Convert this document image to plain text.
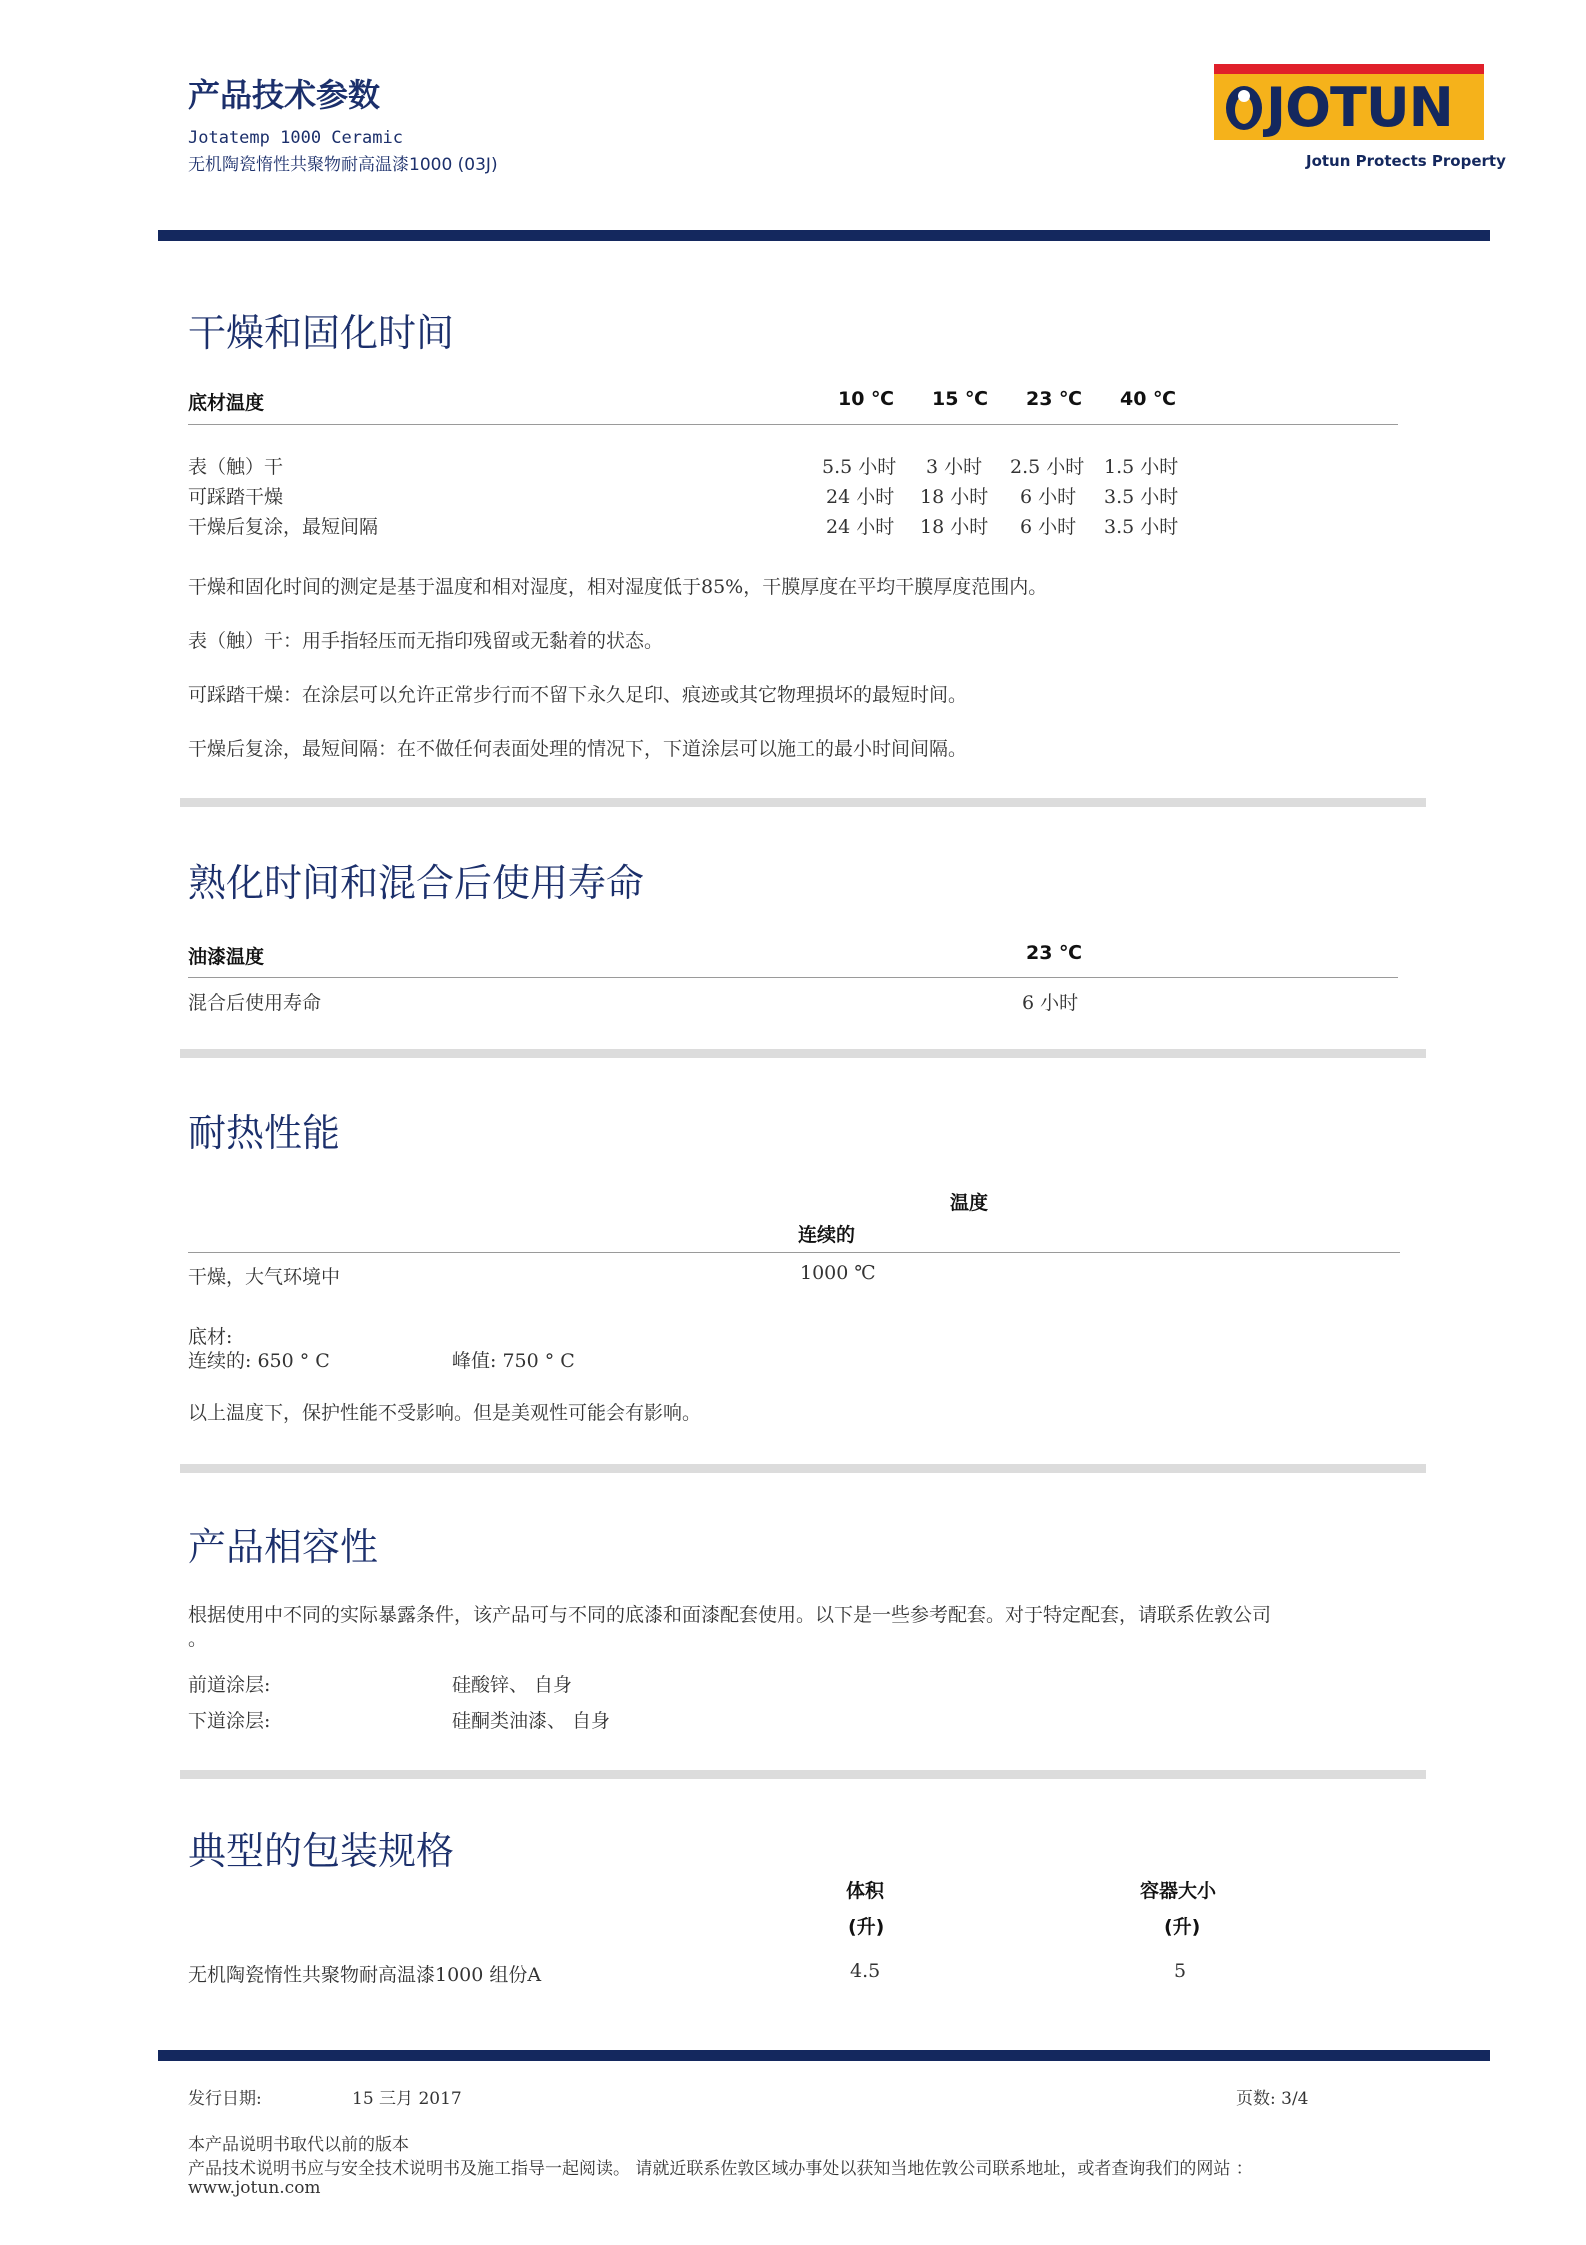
产品技术参数
Jotatemp 1000 Ceramic
无机陶瓷惰性共聚物耐高温漆1000 (03J)
JOTUN
Jotun Protects Property
干燥和固化时间
底材温度	10 ℃ 15 ℃ 23 ℃ 40 ℃
表（触）干	5.5 小时 3 小时 2.5 小时 1.5 小时
可踩踏干燥	24 小时 18 小时 6 小时 3.5 小时
干燥后复涂，最短间隔	24 小时 18 小时 6 小时 3.5 小时
干燥和固化时间的测定是基于温度和相对湿度，相对湿度低于85%，干膜厚度在平均干膜厚度范围内。
表（触）干：用手指轻压而无指印残留或无黏着的状态。
可踩踏干燥：在涂层可以允许正常步行而不留下永久足印、痕迹或其它物理损坏的最短时间。
干燥后复涂，最短间隔：在不做任何表面处理的情况下，下道涂层可以施工的最小时间间隔。
熟化时间和混合后使用寿命
油漆温度	23 ℃
混合后使用寿命	6 小时
耐热性能
温度
连续的
干燥，大气环境中	1000 ℃
底材:
连续的: 650 ° C	峰值: 750 ° C
以上温度下，保护性能不受影响。但是美观性可能会有影响。
产品相容性
根据使用中不同的实际暴露条件，该产品可与不同的底漆和面漆配套使用。以下是一些参考配套。对于特定配套，请联系佐敦公司
。
前道涂层:	硅酸锌、 自身
下道涂层:	硅酮类油漆、 自身
典型的包装规格
体积
(升)
容器大小
(升)
无机陶瓷惰性共聚物耐高温漆1000 组份A	4.5	5
发行日期:	15 三月 2017	页数: 3/4
本产品说明书取代以前的版本
产品技术说明书应与安全技术说明书及施工指导一起阅读。 请就近联系佐敦区域办事处以获知当地佐敦公司联系地址，或者查询我们的网站 ：
www.jotun.com
